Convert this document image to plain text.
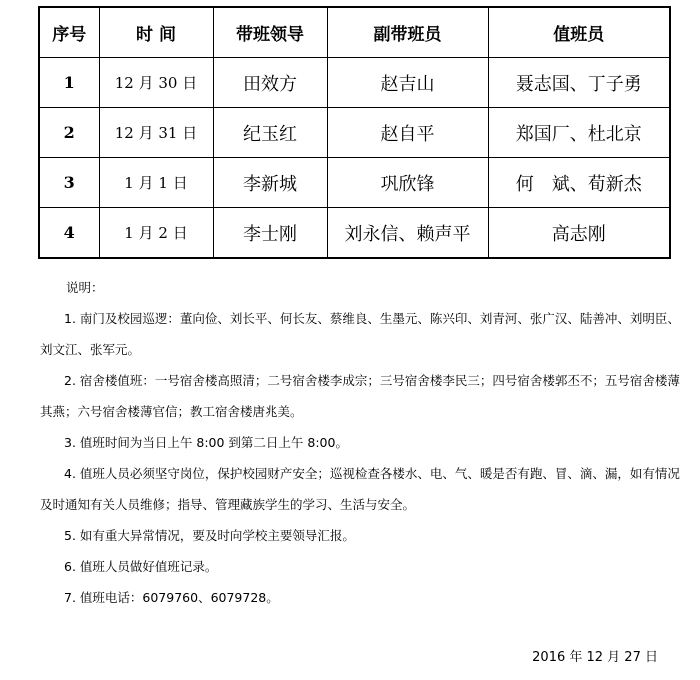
序号	时 间	带班领导	副带班员	值班员
1	12 月 30 日	田效方	赵吉山	聂志国、丁子勇
2	12 月 31 日	纪玉红	赵自平	郑国厂、杜北京
3	1 月 1 日	李新城	巩欣锋	何　斌、荀新杰
4	1 月 2 日	李士刚	刘永信、赖声平	高志刚

说明：

1. 南门及校园巡逻：董向俭、刘长平、何长友、蔡维良、生墨元、陈兴印、刘青河、张广汉、陆善冲、刘明臣、刘文江、张军元。

2. 宿舍楼值班：一号宿舍楼高照清；二号宿舍楼李成宗；三号宿舍楼李民三；四号宿舍楼郭丕不；五号宿舍楼薄其燕；六号宿舍楼薄官信；教工宿舍楼唐兆美。

3. 值班时间为当日上午 8:00 到第二日上午 8:00。

4. 值班人员必须坚守岗位，保护校园财产安全；巡视检查各楼水、电、气、暖是否有跑、冒、滴、漏，如有情况及时通知有关人员维修；指导、管理藏族学生的学习、生活与安全。

5. 如有重大异常情况，要及时向学校主要领导汇报。

6. 值班人员做好值班记录。

7. 值班电话：6079760、6079728。

2016 年 12 月 27 日
